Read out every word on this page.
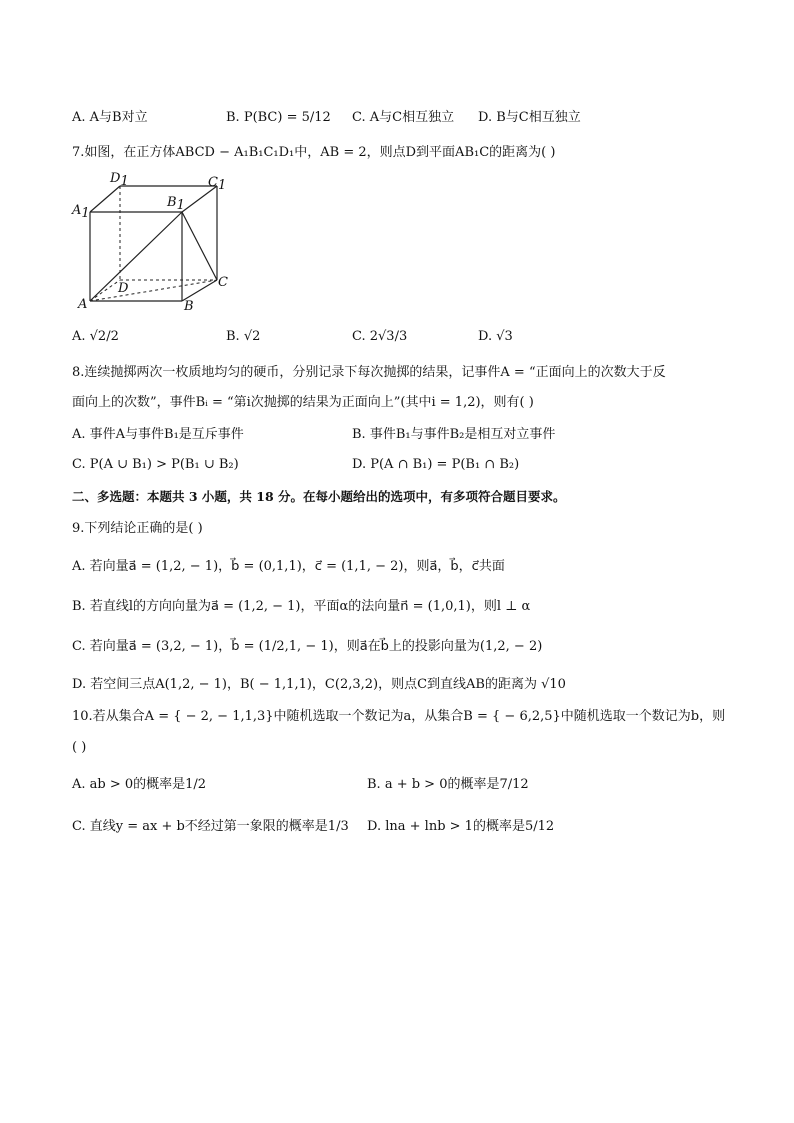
A. A与B对立	B. P(BC) = 5/12 C. A与C相互独立 D. B与C相互独立
7.如图，在正方体ABCD − A₁B₁C₁D₁中，AB = 2，则点D到平面AB₁C的距离为( )
D1	C1
A1
B1
C
D
A	B
A. √2/2	B. √2	C. 2√3/3	D. √3
8.连续抛掷两次一枚质地均匀的硬币，分别记录下每次抛掷的结果，记事件A = “正面向上的次数大于反
面向上的次数”，事件Bᵢ = “第i次抛掷的结果为正面向上”(其中i = 1,2)，则有( )
A. 事件A与事件B₁是互斥事件	B. 事件B₁与事件B₂是相互对立事件
C. P(A ∪ B₁) > P(B₁ ∪ B₂)	D. P(A ∩ B₁) = P(B₁ ∩ B₂)
二、多选题：本题共 3 小题，共 18 分。在每小题给出的选项中，有多项符合题目要求。
9.下列结论正确的是( )
A. 若向量a⃗ = (1,2, − 1)，b⃗ = (0,1,1)，c⃗ = (1,1, − 2)，则a⃗，b⃗，c⃗共面
B. 若直线l的方向向量为a⃗ = (1,2, − 1)，平面α的法向量n⃗ = (1,0,1)，则l ⊥ α
C. 若向量a⃗ = (3,2, − 1)，b⃗ = (1/2,1, − 1)，则a⃗在b⃗上的投影向量为(1,2, − 2)
D. 若空间三点A(1,2, − 1)，B( − 1,1,1)，C(2,3,2)，则点C到直线AB的距离为 √10
10.若从集合A = { − 2, − 1,1,3}中随机选取一个数记为a，从集合B = { − 6,2,5}中随机选取一个数记为b，则
( )
A. ab > 0的概率是1/2	B. a + b > 0的概率是7/12
C. 直线y = ax + b不经过第一象限的概率是1/3 D. lna + lnb > 1的概率是5/12
